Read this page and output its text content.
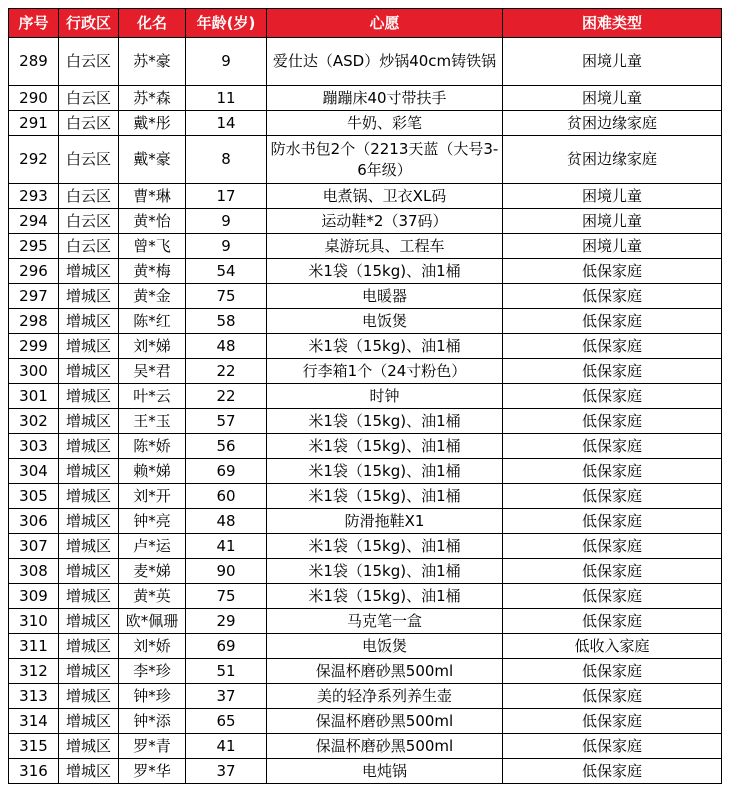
序号	行政区	化名	年龄(岁)	心愿	困难类型
289	白云区	苏*豪	9	爱仕达（ASD）炒锅40cm铸铁锅	困境儿童
290	白云区	苏*森	11	蹦蹦床40寸带扶手	困境儿童
291	白云区	戴*彤	14	牛奶、彩笔	贫困边缘家庭
292	白云区	戴*豪	8	防水书包2个（2213天蓝（大号3-6年级）	贫困边缘家庭
293	白云区	曹*琳	17	电煮锅、卫衣XL码	困境儿童
294	白云区	黄*怡	9	运动鞋*2（37码）	困境儿童
295	白云区	曾*飞	9	桌游玩具、工程车	困境儿童
296	增城区	黄*梅	54	米1袋（15kg)、油1桶	低保家庭
297	增城区	黄*金	75	电暖器	低保家庭
298	增城区	陈*红	58	电饭煲	低保家庭
299	增城区	刘*娣	48	米1袋（15kg)、油1桶	低保家庭
300	增城区	吴*君	22	行李箱1个（24寸粉色）	低保家庭
301	增城区	叶*云	22	时钟	低保家庭
302	增城区	王*玉	57	米1袋（15kg)、油1桶	低保家庭
303	增城区	陈*娇	56	米1袋（15kg)、油1桶	低保家庭
304	增城区	赖*娣	69	米1袋（15kg)、油1桶	低保家庭
305	增城区	刘*开	60	米1袋（15kg)、油1桶	低保家庭
306	增城区	钟*亮	48	防滑拖鞋X1	低保家庭
307	增城区	卢*运	41	米1袋（15kg)、油1桶	低保家庭
308	增城区	麦*娣	90	米1袋（15kg)、油1桶	低保家庭
309	增城区	黄*英	75	米1袋（15kg)、油1桶	低保家庭
310	增城区	欧*佩珊	29	马克笔一盒	低保家庭
311	增城区	刘*娇	69	电饭煲	低收入家庭
312	增城区	李*珍	51	保温杯磨砂黑500ml	低保家庭
313	增城区	钟*珍	37	美的轻净系列养生壶	低保家庭
314	增城区	钟*添	65	保温杯磨砂黑500ml	低保家庭
315	增城区	罗*青	41	保温杯磨砂黑500ml	低保家庭
316	增城区	罗*华	37	电炖锅	低保家庭
